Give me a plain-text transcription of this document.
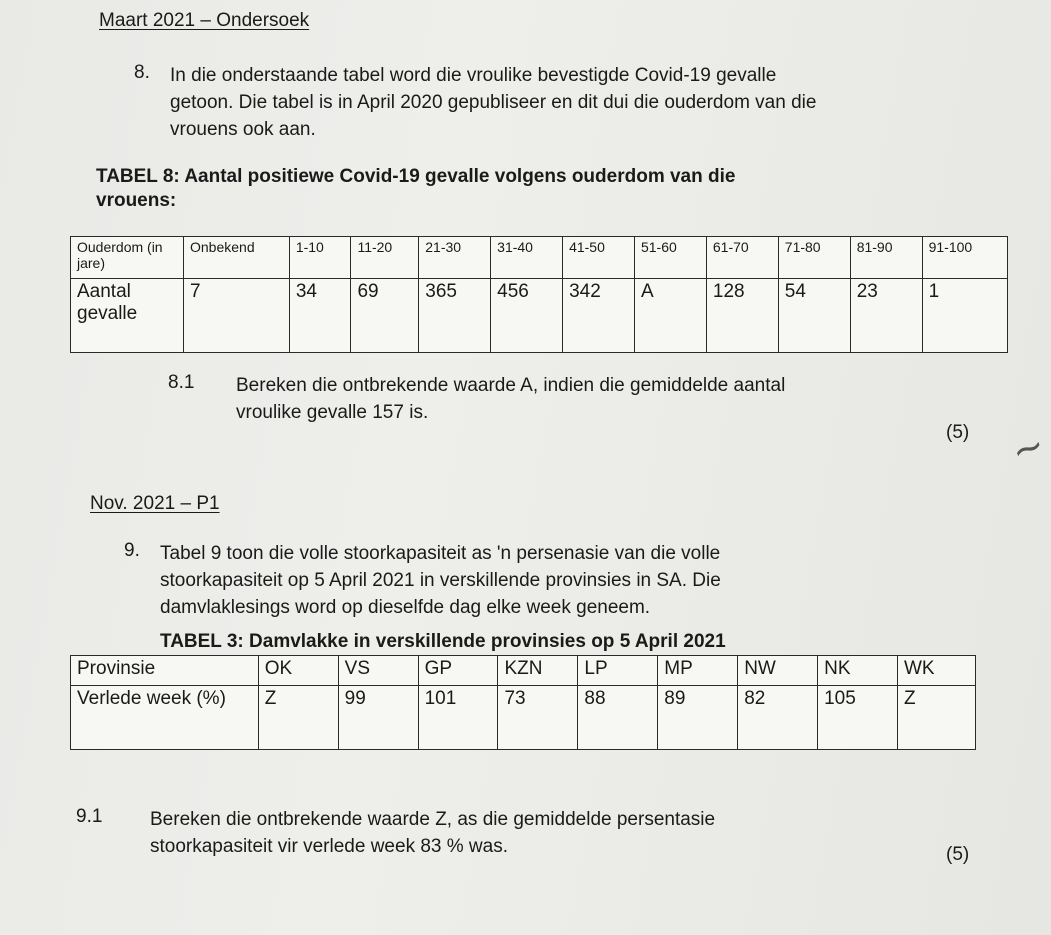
Maart 2021 – Ondersoek
8. In die onderstaande tabel word die vroulike bevestigde Covid-19 gevalle
getoon. Die tabel is in April 2020 gepubliseer en dit dui die ouderdom van die
vrouens ook aan.
TABEL 8: Aantal positiewe Covid-19 gevalle volgens ouderdom van die
vrouens:
Ouderdom (in jare)	Onbekend	1-10	11-20	21-30	31-40	41-50	51-60	61-70	71-80	81-90	91-100
Aantal gevalle	7	34	69	365	456	342	A	128	54	23	1
8.1 Bereken die ontbrekende waarde A, indien die gemiddelde aantal
vroulike gevalle 157 is.
(5) ~
Nov. 2021 – P1
9. Tabel 9 toon die volle stoorkapasiteit as 'n persenasie van die volle
stoorkapasiteit op 5 April 2021 in verskillende provinsies in SA. Die
damvlaklesings word op dieselfde dag elke week geneem.
TABEL 3: Damvlakke in verskillende provinsies op 5 April 2021
Provinsie	OK	VS	GP	KZN	LP	MP	NW	NK	WK
Verlede week (%)	Z	99	101	73	88	89	82	105	Z
9.1	Bereken die ontbrekende waarde Z, as die gemiddelde persentasie
stoorkapasiteit vir verlede week 83 % was.	(5)
